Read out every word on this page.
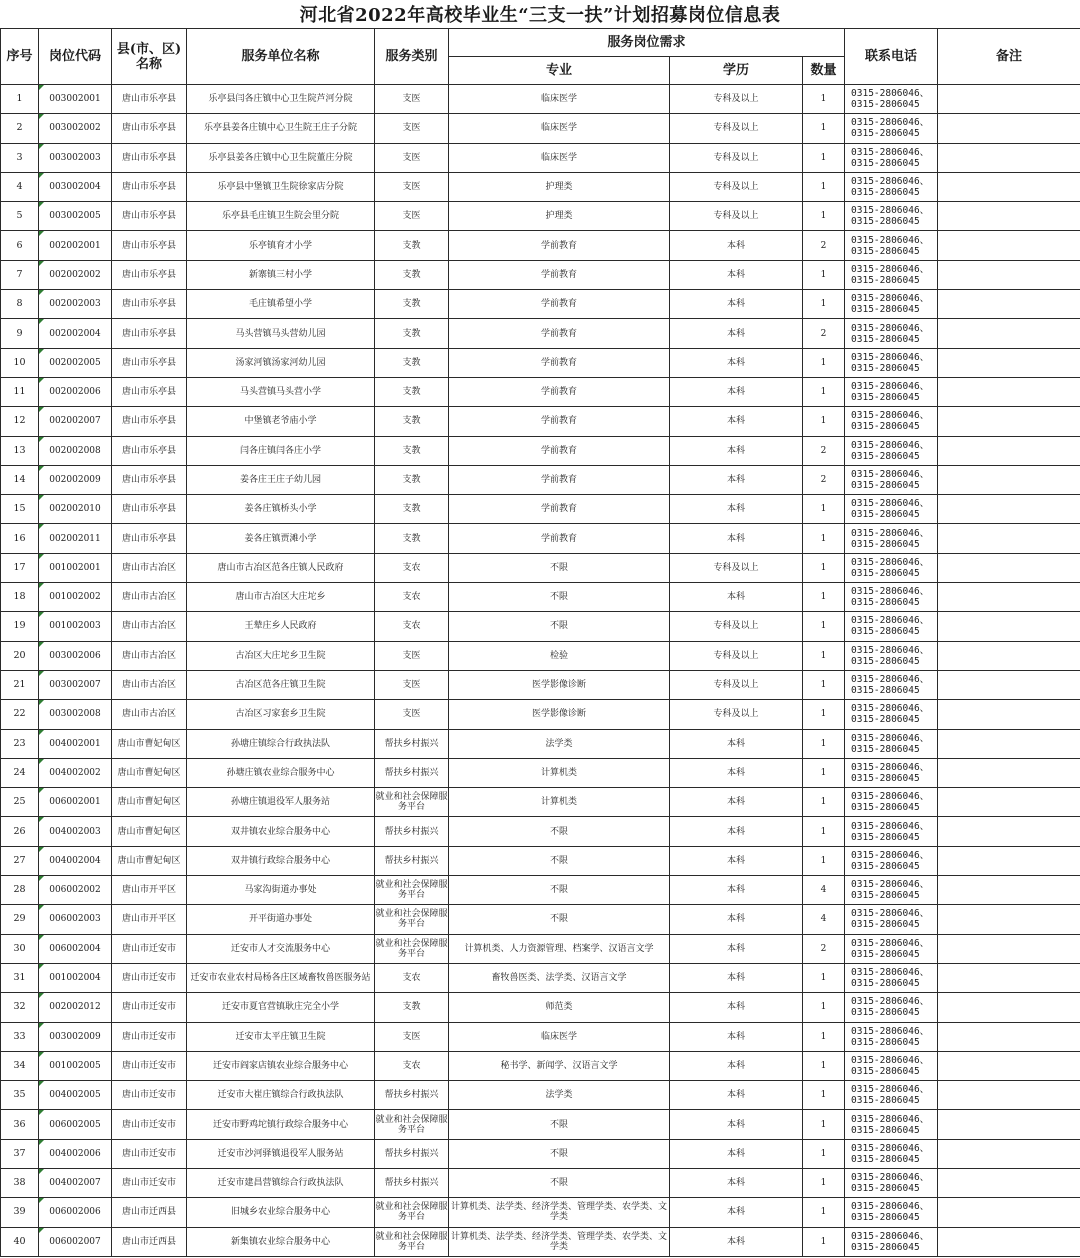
河北省2022年高校毕业生“三支一扶”计划招募岗位信息表
序号	岗位代码	县(市、区)名称	服务单位名称	服务类别	服务岗位需求			联系电话	备注
					专业	学历	数量		
1	003002001	唐山市乐亭县	乐亭县闫各庄镇中心卫生院芦河分院	支医	临床医学	专科及以上	1	0315-2806046、
0315-2806045	

2	003002002	唐山市乐亭县	乐亭县姜各庄镇中心卫生院王庄子分院	支医	临床医学	专科及以上	1	0315-2806046、
0315-2806045	

3	003002003	唐山市乐亭县	乐亭县姜各庄镇中心卫生院董庄分院	支医	临床医学	专科及以上	1	0315-2806046、
0315-2806045	

4	003002004	唐山市乐亭县	乐亭县中堡镇卫生院徐家店分院	支医	护理类	专科及以上	1	0315-2806046、
0315-2806045	

5	003002005	唐山市乐亭县	乐亭县毛庄镇卫生院会里分院	支医	护理类	专科及以上	1	0315-2806046、
0315-2806045	

6	002002001	唐山市乐亭县	乐亭镇育才小学	支教	学前教育	本科	2	0315-2806046、
0315-2806045	

7	002002002	唐山市乐亭县	新寨镇三村小学	支教	学前教育	本科	1	0315-2806046、
0315-2806045	

8	002002003	唐山市乐亭县	毛庄镇希望小学	支教	学前教育	本科	1	0315-2806046、
0315-2806045	

9	002002004	唐山市乐亭县	马头营镇马头营幼儿园	支教	学前教育	本科	2	0315-2806046、
0315-2806045	

10	002002005	唐山市乐亭县	汤家河镇汤家河幼儿园	支教	学前教育	本科	1	0315-2806046、
0315-2806045	

11	002002006	唐山市乐亭县	马头营镇马头营小学	支教	学前教育	本科	1	0315-2806046、
0315-2806045	

12	002002007	唐山市乐亭县	中堡镇老爷庙小学	支教	学前教育	本科	1	0315-2806046、
0315-2806045	

13	002002008	唐山市乐亭县	闫各庄镇闫各庄小学	支教	学前教育	本科	2	0315-2806046、
0315-2806045	

14	002002009	唐山市乐亭县	姜各庄王庄子幼儿园	支教	学前教育	本科	2	0315-2806046、
0315-2806045	

15	002002010	唐山市乐亭县	姜各庄镇桥头小学	支教	学前教育	本科	1	0315-2806046、
0315-2806045	

16	002002011	唐山市乐亭县	姜各庄镇贾滩小学	支教	学前教育	本科	1	0315-2806046、
0315-2806045	

17	001002001	唐山市古冶区	唐山市古冶区范各庄镇人民政府	支农	不限	专科及以上	1	0315-2806046、
0315-2806045	

18	001002002	唐山市古冶区	唐山市古冶区大庄坨乡	支农	不限	本科	1	0315-2806046、
0315-2806045	

19	001002003	唐山市古冶区	王辇庄乡人民政府	支农	不限	专科及以上	1	0315-2806046、
0315-2806045	

20	003002006	唐山市古冶区	古冶区大庄坨乡卫生院	支医	检验	专科及以上	1	0315-2806046、
0315-2806045	

21	003002007	唐山市古冶区	古冶区范各庄镇卫生院	支医	医学影像诊断	专科及以上	1	0315-2806046、
0315-2806045	

22	003002008	唐山市古冶区	古冶区习家套乡卫生院	支医	医学影像诊断	专科及以上	1	0315-2806046、
0315-2806045	

23	004002001	唐山市曹妃甸区	孙塘庄镇综合行政执法队	帮扶乡村振兴	法学类	本科	1	0315-2806046、
0315-2806045	

24	004002002	唐山市曹妃甸区	孙塘庄镇农业综合服务中心	帮扶乡村振兴	计算机类	本科	1	0315-2806046、
0315-2806045	

25	006002001	唐山市曹妃甸区	孙塘庄镇退役军人服务站	就业和社会保障服务平台	计算机类	本科	1	0315-2806046、
0315-2806045	

26	004002003	唐山市曹妃甸区	双井镇农业综合服务中心	帮扶乡村振兴	不限	本科	1	0315-2806046、
0315-2806045	

27	004002004	唐山市曹妃甸区	双井镇行政综合服务中心	帮扶乡村振兴	不限	本科	1	0315-2806046、
0315-2806045	

28	006002002	唐山市开平区	马家沟街道办事处	就业和社会保障服务平台	不限	本科	4	0315-2806046、
0315-2806045	

29	006002003	唐山市开平区	开平街道办事处	就业和社会保障服务平台	不限	本科	4	0315-2806046、
0315-2806045	

30	006002004	唐山市迁安市	迁安市人才交流服务中心	就业和社会保障服务平台	计算机类、人力资源管理、档案学、汉语言文学	本科	2	0315-2806046、
0315-2806045	

31	001002004	唐山市迁安市	迁安市农业农村局杨各庄区域畜牧兽医服务站	支农	畜牧兽医类、法学类、汉语言文学	本科	1	0315-2806046、
0315-2806045	

32	002002012	唐山市迁安市	迁安市夏官营镇耿庄完全小学	支教	师范类	本科	1	0315-2806046、
0315-2806045	

33	003002009	唐山市迁安市	迁安市太平庄镇卫生院	支医	临床医学	本科	1	0315-2806046、
0315-2806045	

34	001002005	唐山市迁安市	迁安市阎家店镇农业综合服务中心	支农	秘书学、新闻学、汉语言文学	本科	1	0315-2806046、
0315-2806045	

35	004002005	唐山市迁安市	迁安市大崔庄镇综合行政执法队	帮扶乡村振兴	法学类	本科	1	0315-2806046、
0315-2806045	

36	006002005	唐山市迁安市	迁安市野鸡坨镇行政综合服务中心	就业和社会保障服务平台	不限	本科	1	0315-2806046、
0315-2806045	

37	004002006	唐山市迁安市	迁安市沙河驿镇退役军人服务站	帮扶乡村振兴	不限	本科	1	0315-2806046、
0315-2806045	

38	004002007	唐山市迁安市	迁安市建昌营镇综合行政执法队	帮扶乡村振兴	不限	本科	1	0315-2806046、
0315-2806045	

39	006002006	唐山市迁西县	旧城乡农业综合服务中心	就业和社会保障服务平台	计算机类、法学类、经济学类、管理学类、农学类、文学类	本科	1	0315-2806046、
0315-2806045	

40	006002007	唐山市迁西县	新集镇农业综合服务中心	就业和社会保障服务平台	计算机类、法学类、经济学类、管理学类、农学类、文学类	本科	1	0315-2806046、
0315-2806045	
